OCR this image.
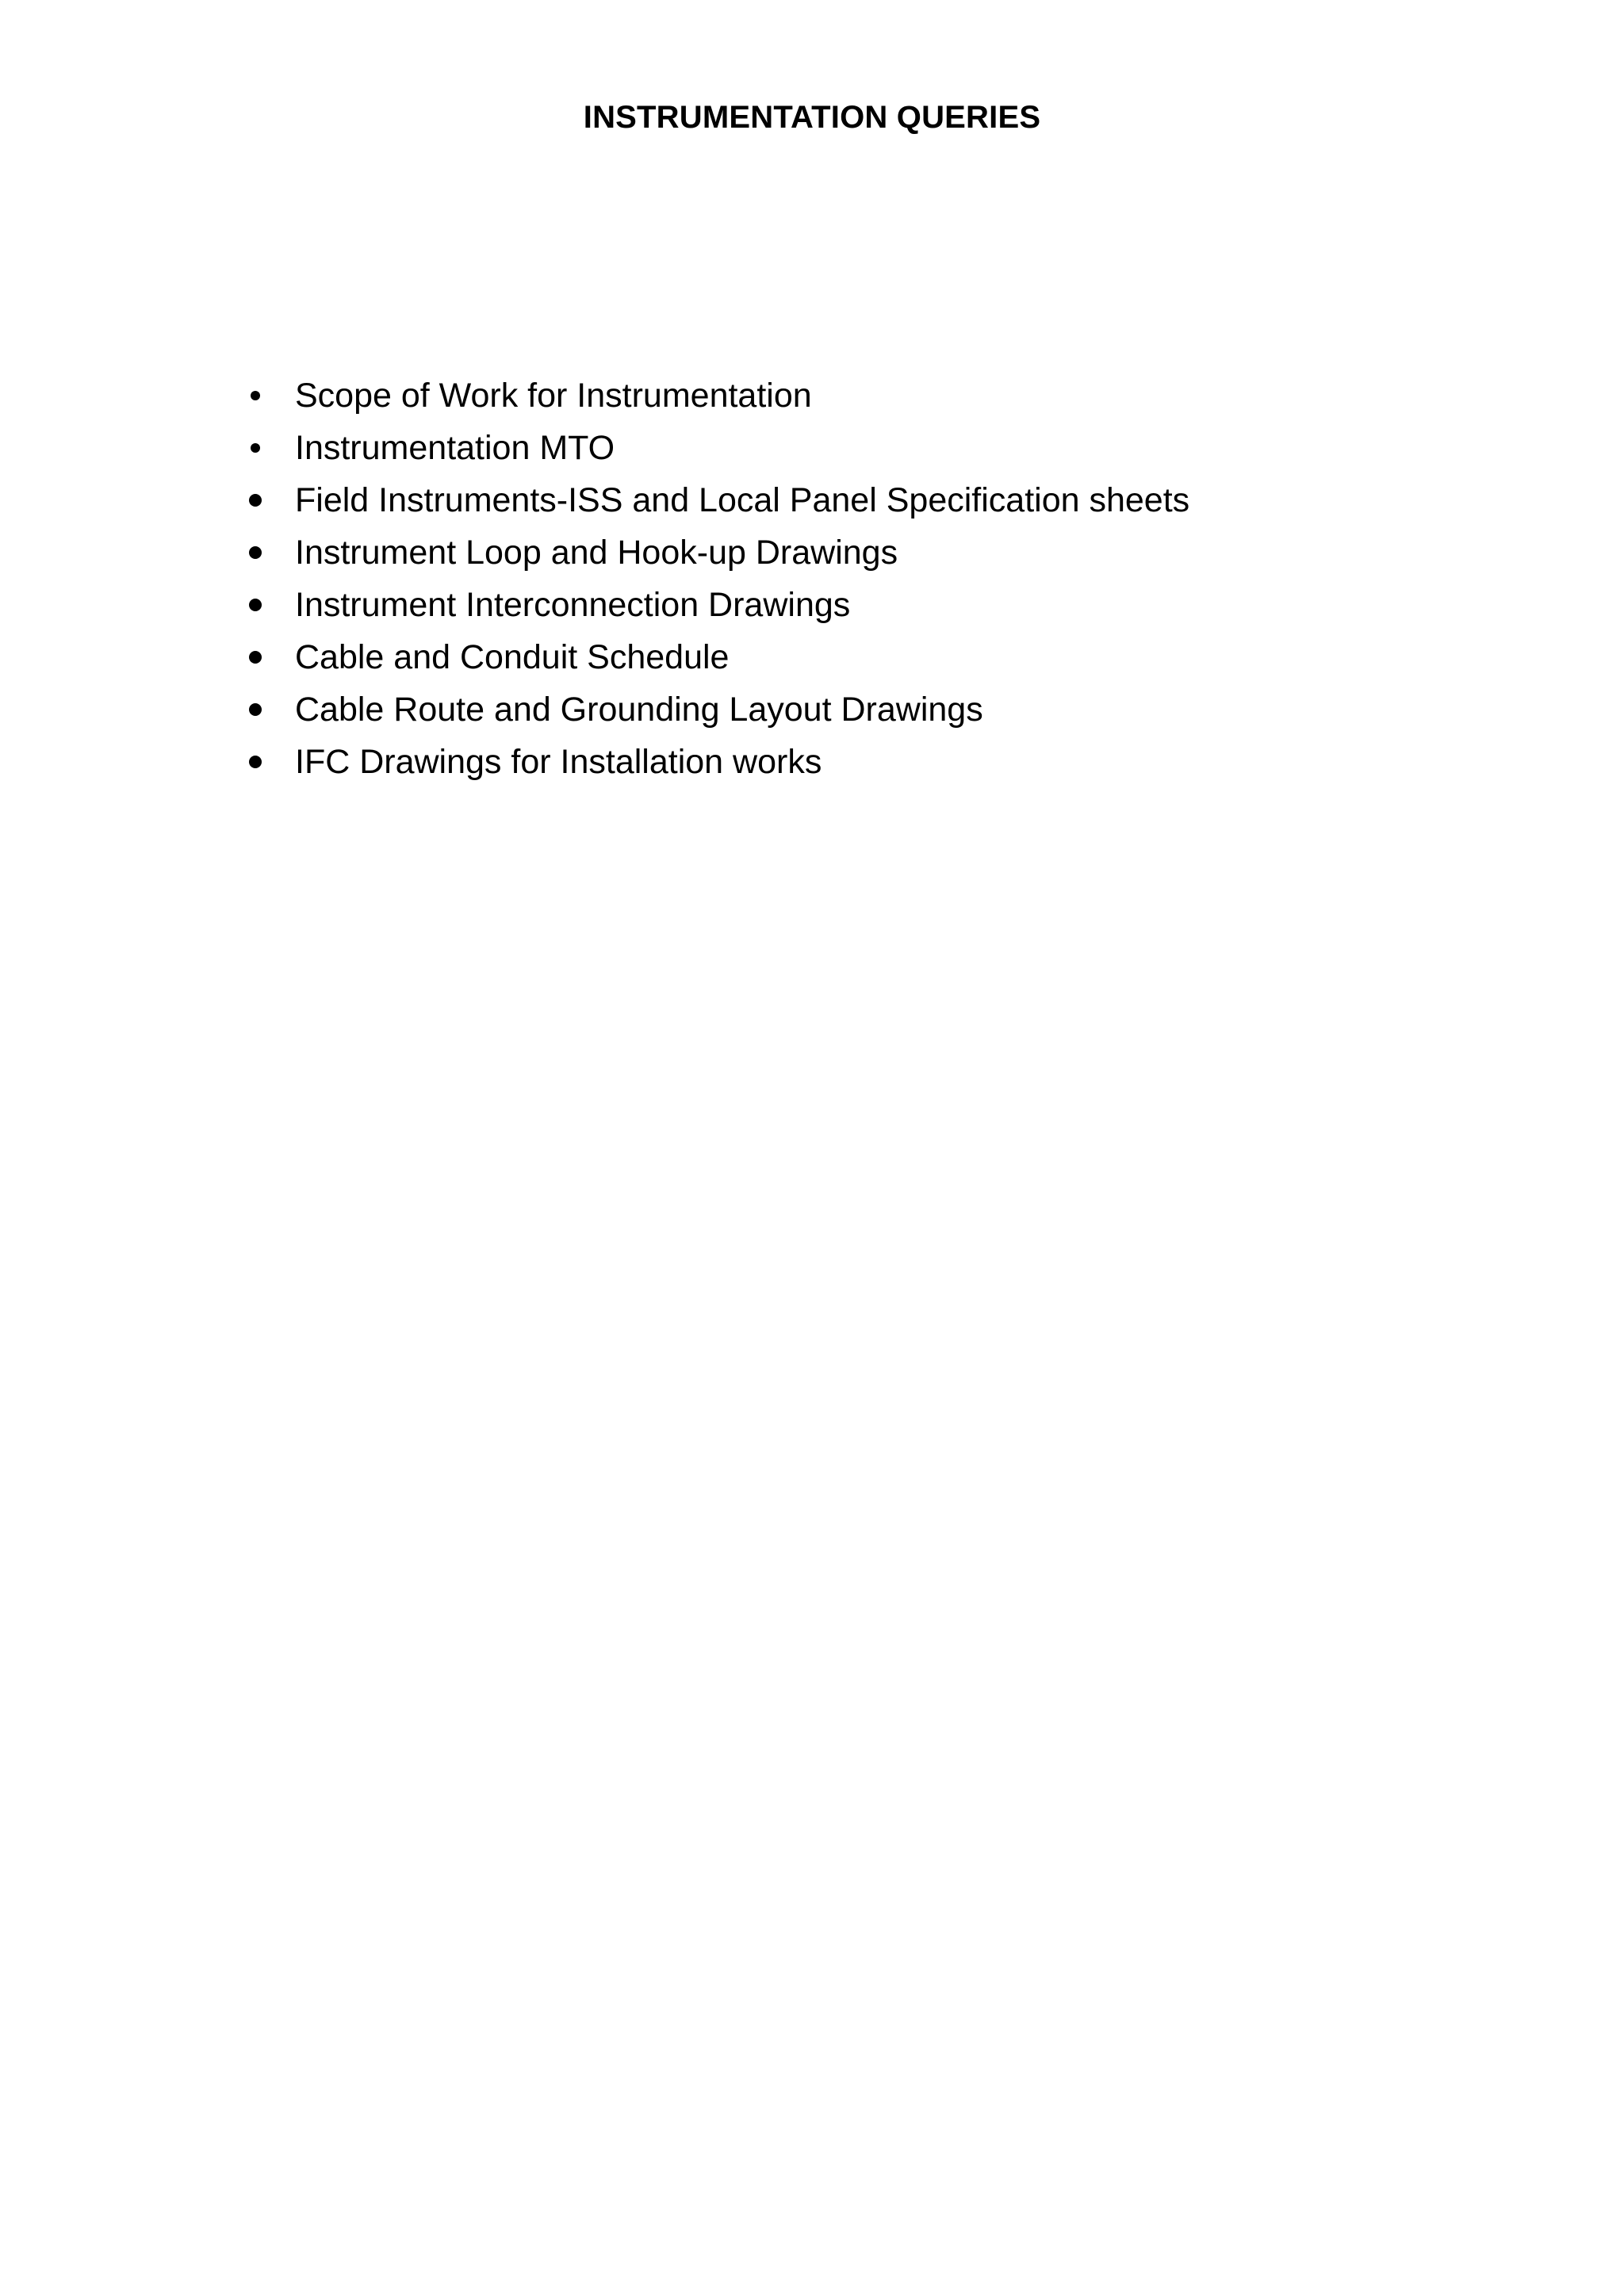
INSTRUMENTATION QUERIES
Scope of Work for Instrumentation
Instrumentation MTO
Field Instruments-ISS and Local Panel Specification sheets
Instrument Loop and Hook-up Drawings
Instrument Interconnection Drawings
Cable and Conduit Schedule
Cable Route and Grounding Layout Drawings
IFC Drawings for Installation works
